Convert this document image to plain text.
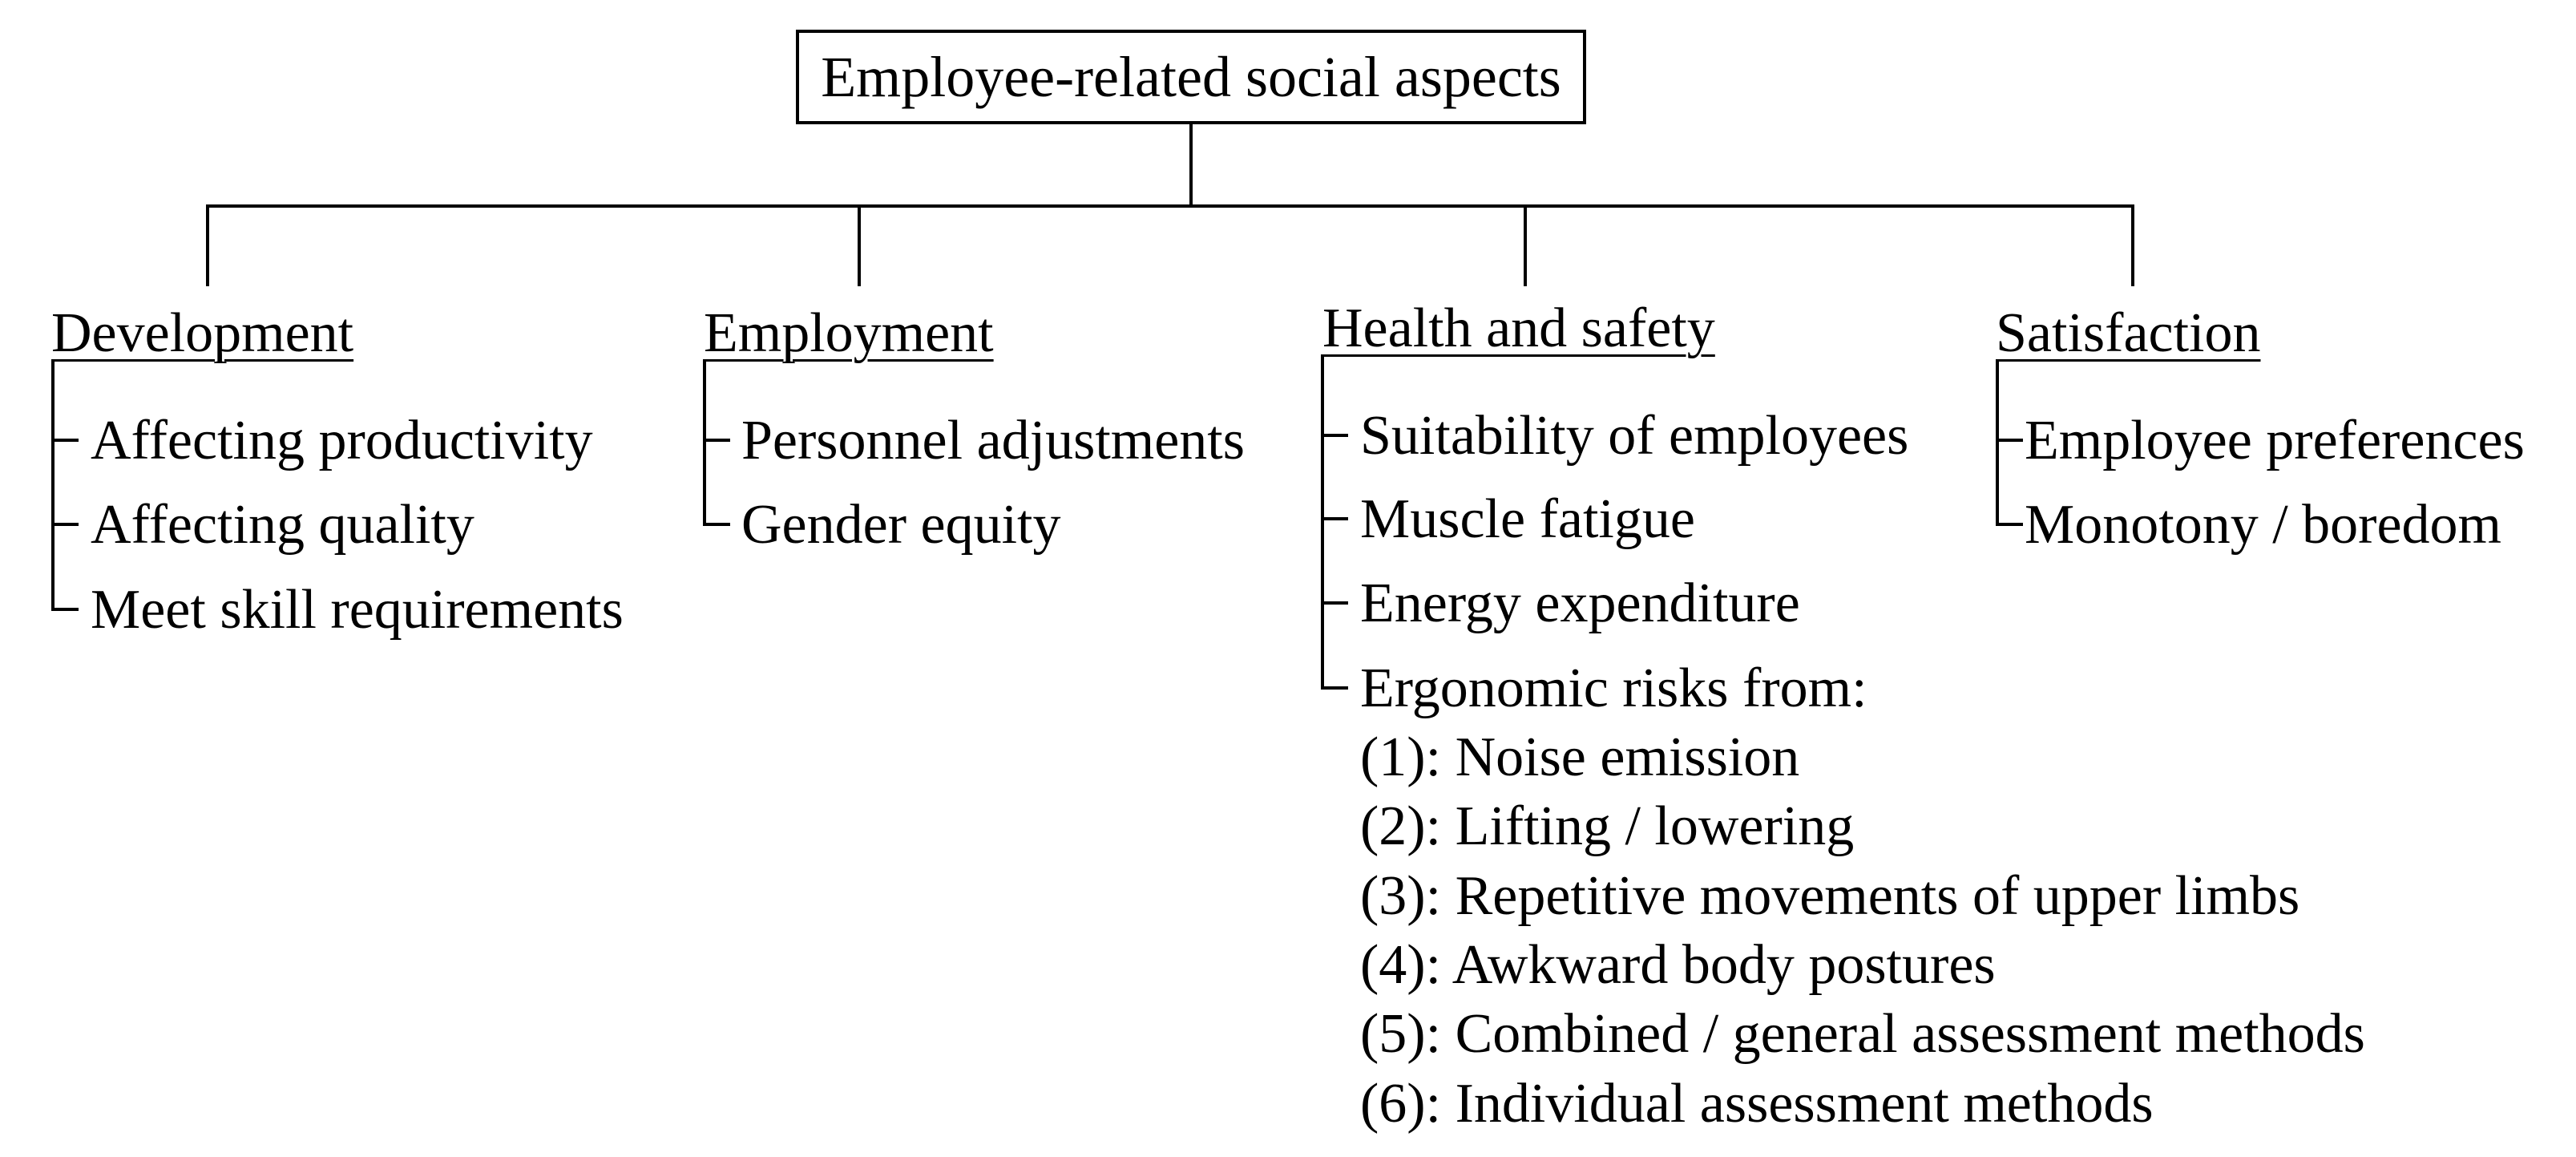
Employee-related social aspects
Development	Employment	Health and safety	Satisfaction
Affecting productivity
Affecting quality
Meet skill requirements
Personnel adjustments
Gender equity
Suitability of employees
Muscle fatigue
Energy expenditure
Ergonomic risks from:
(1): Noise emission
(2): Lifting / lowering
(3): Repetitive movements of upper limbs
(4): Awkward body postures
(5): Combined / general assessment methods
(6): Individual assessment methods
Employee preferences
Monotony / boredom
